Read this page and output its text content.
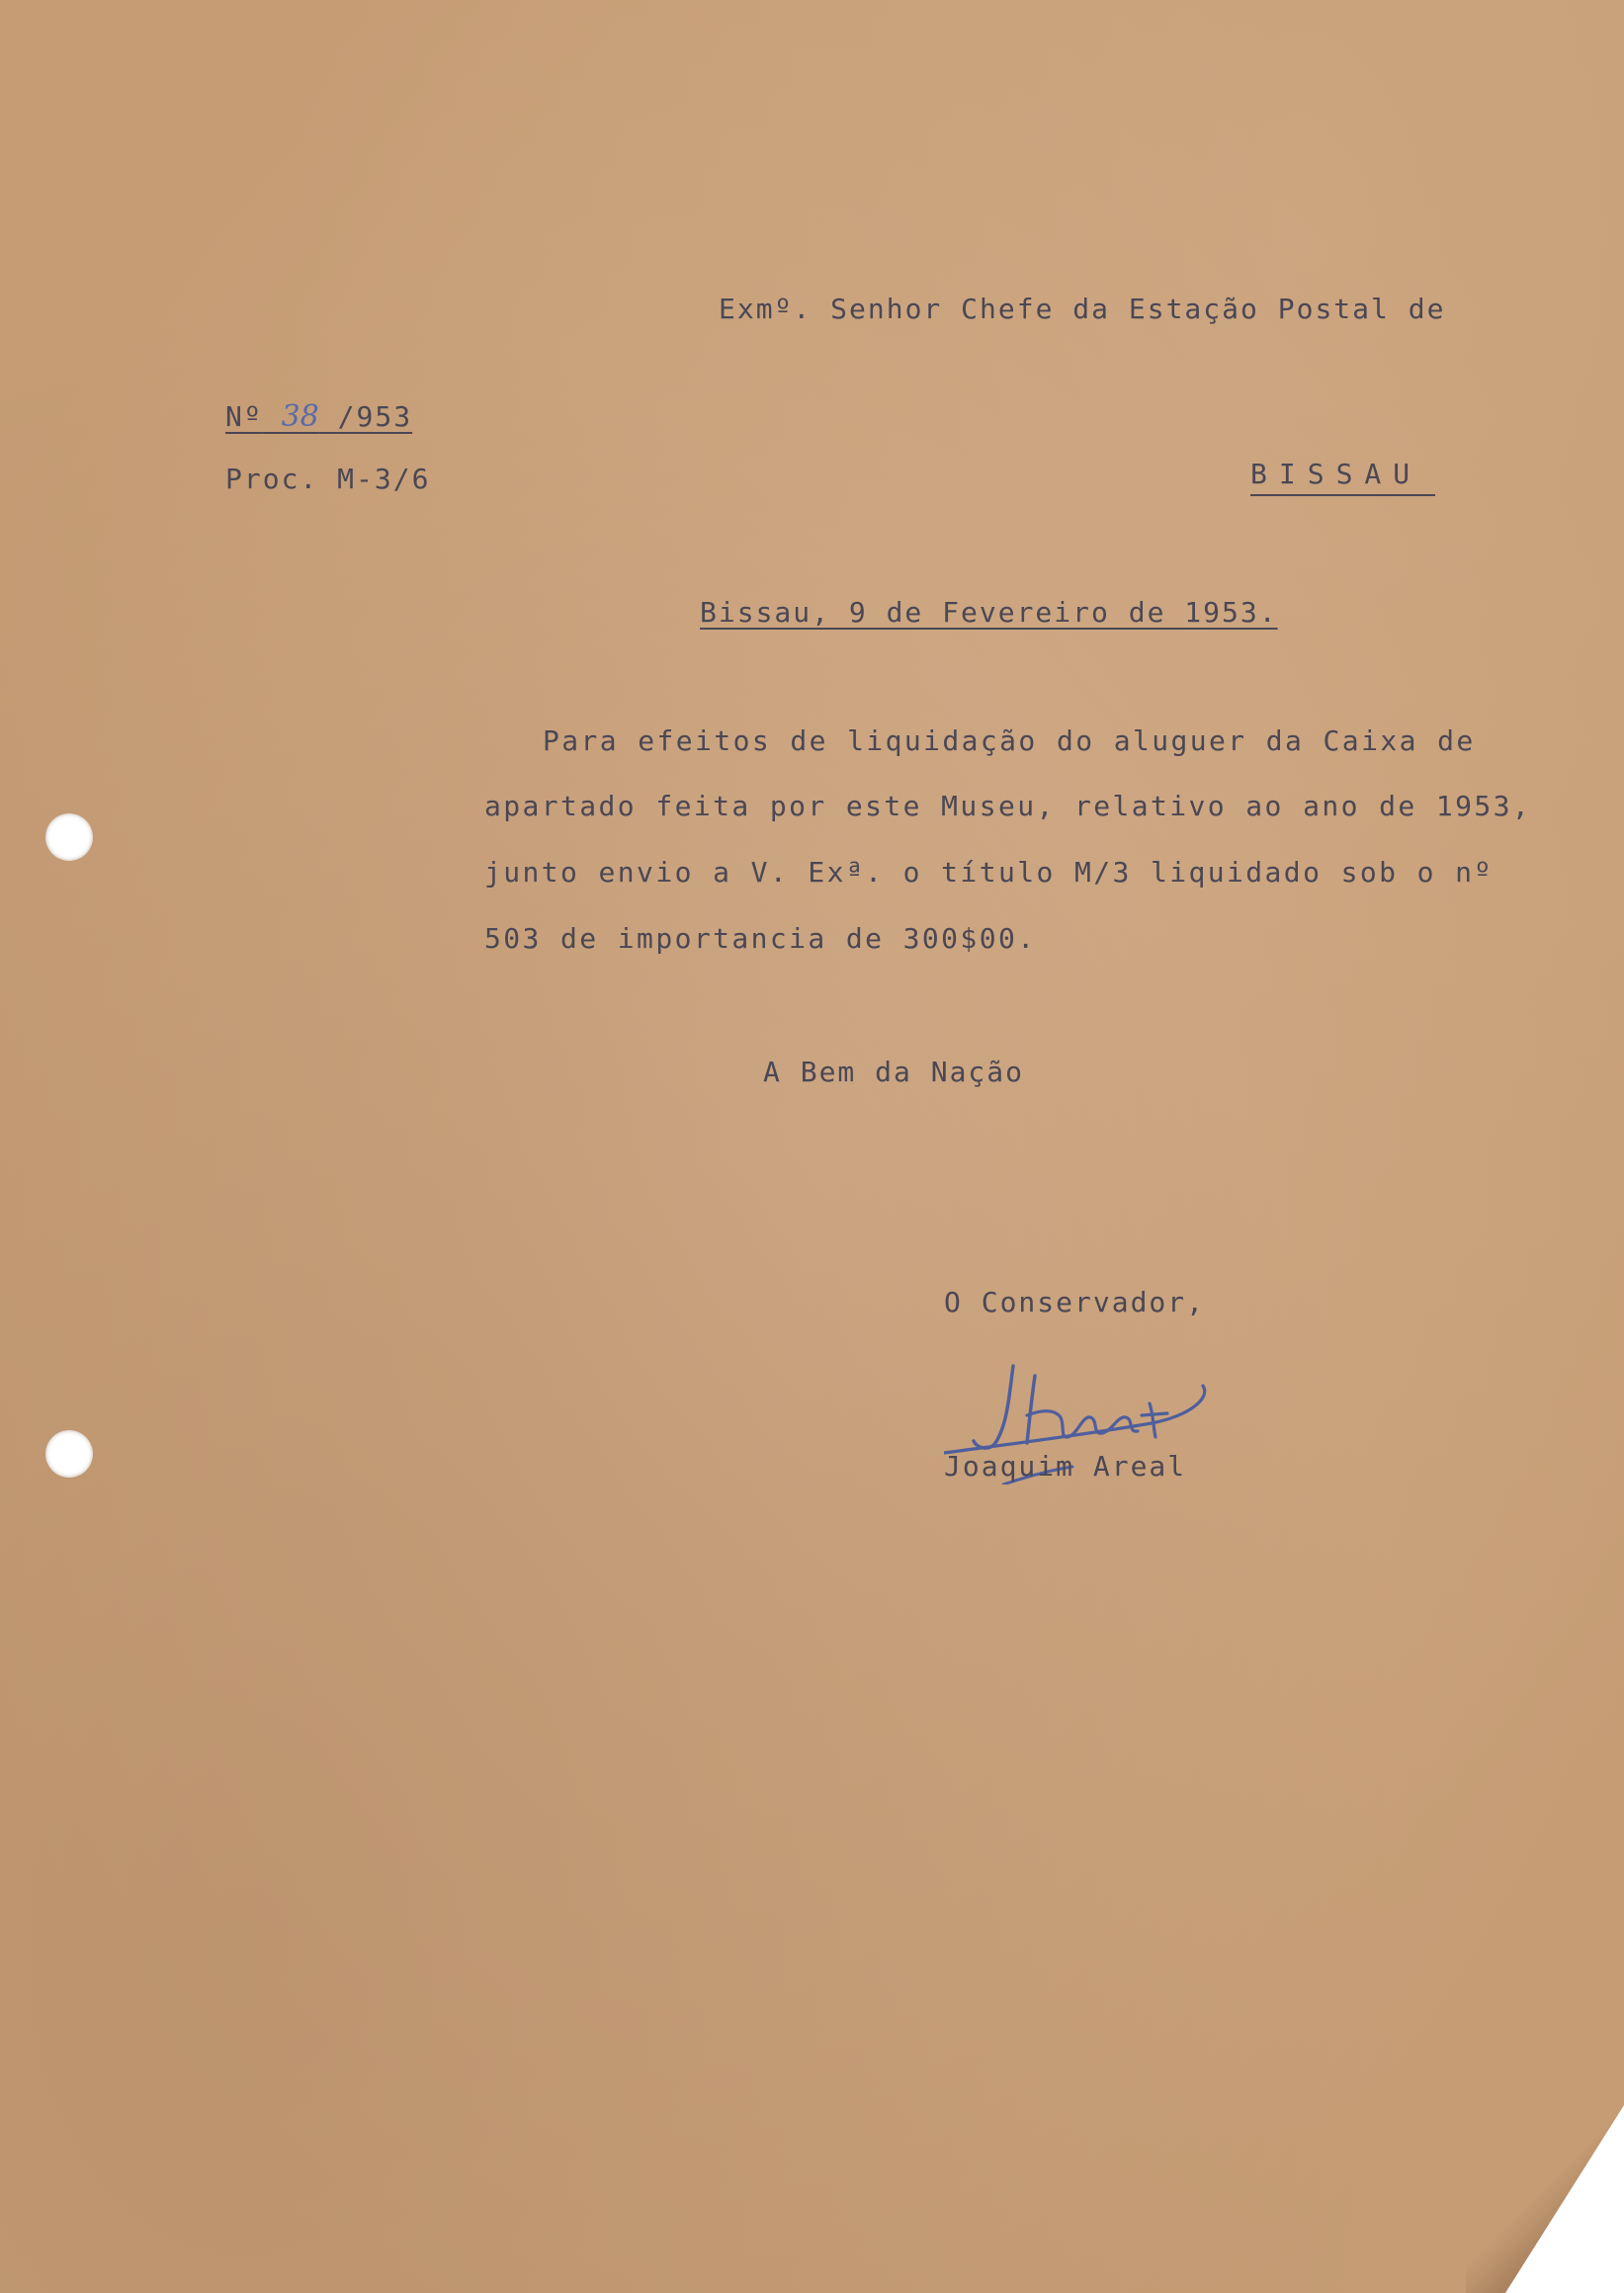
Exmº. Senhor Chefe da Estação Postal de
Nº 38 /953
Proc. M-3/6	BISSAU
Bissau, 9 de Fevereiro de 1953.
Para efeitos de liquidação do aluguer da Caixa de
apartado feita por este Museu, relativo ao ano de 1953,
junto envio a V. Exª. o título M/3 liquidado sob o nº
503 de importancia de 300$00.
A Bem da Nação
O Conservador,
Joaquim Areal
